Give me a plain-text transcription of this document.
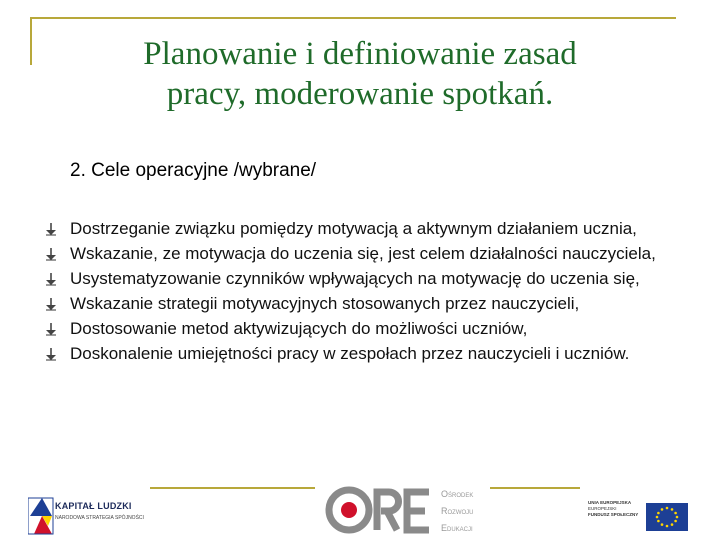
Planowanie i definiowanie zasad
pracy, moderowanie spotkań.
2. Cele operacyjne /wybrane/
Dostrzeganie związku pomiędzy motywacją a aktywnym działaniem ucznia,
Wskazanie, ze motywacja do uczenia się, jest celem działalności nauczyciela,
Usystematyzowanie czynników wpływających na motywację do uczenia się,
Wskazanie strategii motywacyjnych stosowanych przez nauczycieli,
Dostosowanie metod aktywizujących do możliwości uczniów,
Doskonalenie umiejętności pracy w zespołach przez nauczycieli i uczniów.
KAPITAŁ LUDZKI
NARODOWA STRATEGIA SPÓJNOŚCI
Ośrodek
Rozwoju
Edukacji
UNIA EUROPEJSKA
EUROPEJSKI
FUNDUSZ SPOŁECZNY
